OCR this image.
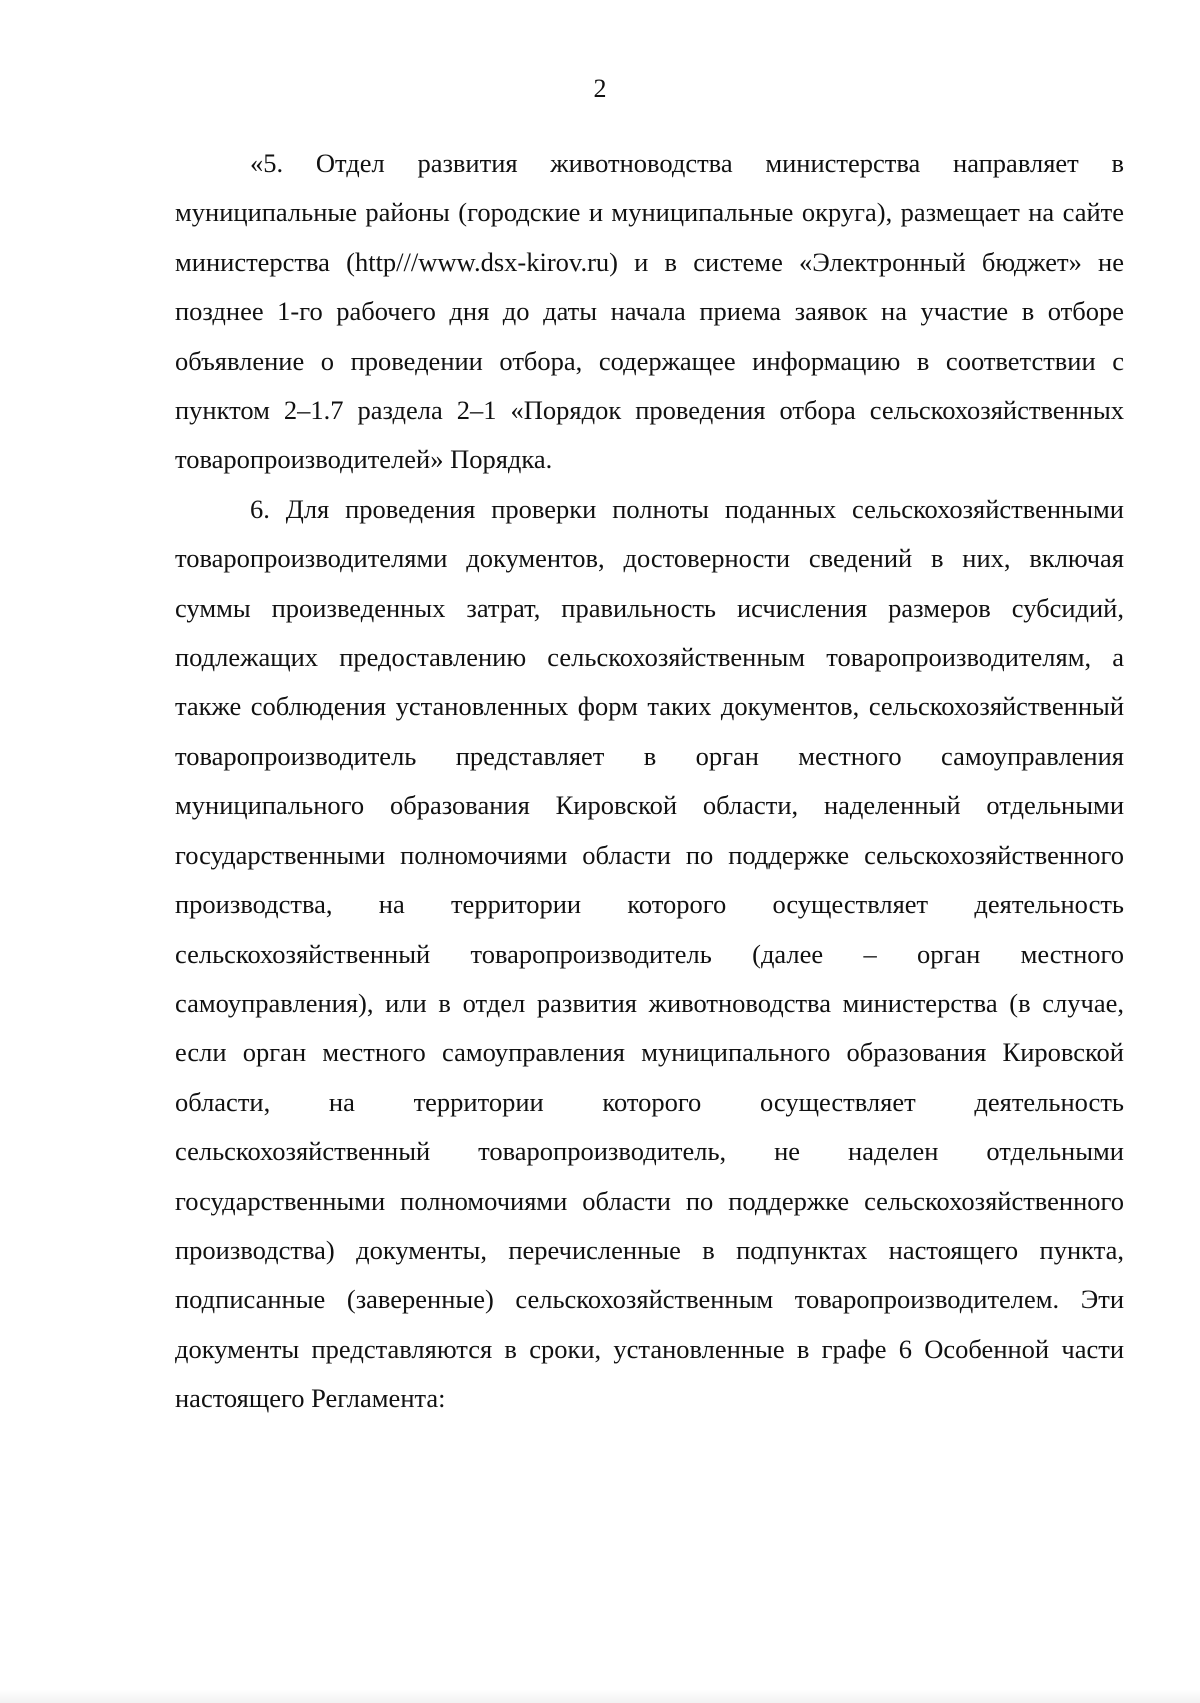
2

«5. Отдел развития животноводства министерства направляет в муниципальные районы (городские и муниципальные округа), размещает на сайте министерства (http///www.dsx-kirov.ru) и в системе «Электронный бюджет» не позднее 1-го рабочего дня до даты начала приема заявок на участие в отборе объявление о проведении отбора, содержащее информацию в соответствии с пунктом 2–1.7 раздела 2–1 «Порядок проведения отбора сельскохозяйственных товаропроизводителей» Порядка.

6. Для проведения проверки полноты поданных сельскохозяйственными товаропроизводителями документов, достоверности сведений в них, включая суммы произведенных затрат, правильность исчисления размеров субсидий, подлежащих предоставлению сельскохозяйственным товаропроизводителям, а также соблюдения установленных форм таких документов, сельскохозяйственный товаропроизводитель представляет в орган местного самоуправления муниципального образования Кировской области, наделенный отдельными государственными полномочиями области по поддержке сельскохозяйственного производства, на территории которого осуществляет деятельность сельскохозяйственный товаропроизводитель (далее – орган местного самоуправления), или в отдел развития животноводства министерства (в случае, если орган местного самоуправления муниципального образования Кировской области, на территории которого осуществляет деятельность сельскохозяйственный товаропроизводитель, не наделен отдельными государственными полномочиями области по поддержке сельскохозяйственного производства) документы, перечисленные в подпунктах настоящего пункта, подписанные (заверенные) сельскохозяйственным товаропроизводителем. Эти документы представляются в сроки, установленные в графе 6 Особенной части настоящего Регламента:
